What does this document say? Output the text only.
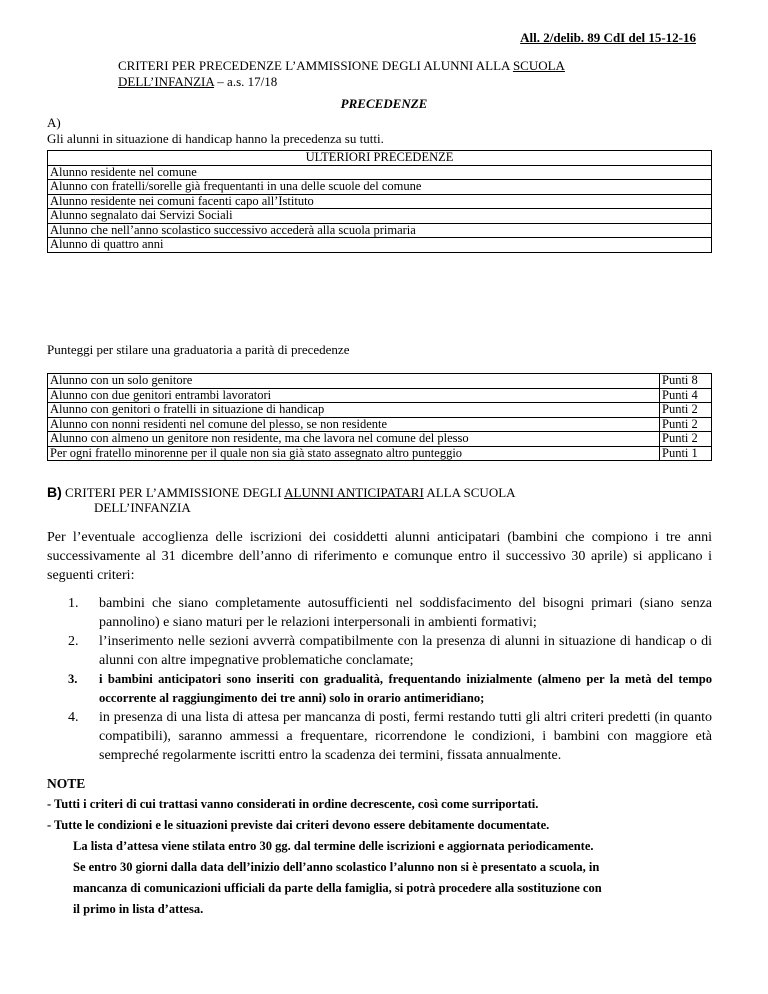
All. 2/delib. 89 CdI del 15-12-16
CRITERI PER PRECEDENZE L’AMMISSIONE DEGLI ALUNNI ALLA SCUOLA
DELL’INFANZIA – a.s. 17/18
PRECEDENZE
A)
Gli alunni in situazione di handicap hanno la precedenza su tutti.
ULTERIORI PRECEDENZE
Alunno residente nel comune
Alunno con fratelli/sorelle già frequentanti in una delle scuole del comune
Alunno residente nei comuni facenti capo all’Istituto
Alunno segnalato dai Servizi Sociali
Alunno che nell’anno scolastico successivo accederà alla scuola primaria
Alunno di quattro anni
Punteggi per stilare una graduatoria a parità di precedenze
Alunno con un solo genitore	Punti 8
Alunno con due genitori entrambi lavoratori	Punti 4
Alunno con genitori o fratelli in situazione di handicap	Punti 2
Alunno con nonni residenti nel comune del plesso, se non residente	Punti 2
Alunno con almeno un genitore non residente, ma che lavora nel comune del plesso	Punti 2
Per ogni fratello minorenne per il quale non sia già stato assegnato altro punteggio	Punti 1
B) CRITERI PER L’AMMISSIONE DEGLI ALUNNI ANTICIPATARI ALLA SCUOLA
DELL’INFANZIA
Per l’eventuale accoglienza delle iscrizioni dei cosiddetti alunni anticipatari (bambini che compiono i tre anni successivamente al 31 dicembre dell’anno di riferimento e comunque entro il successivo 30 aprile) si applicano i seguenti criteri:
1. bambini che siano completamente autosufficienti nel soddisfacimento del bisogni primari (siano senza pannolino) e siano maturi per le relazioni interpersonali in ambienti formativi;
2. l’inserimento nelle sezioni avverrà compatibilmente con la presenza di alunni in situazione di handicap o di alunni con altre impegnative problematiche conclamate;
3. i bambini anticipatori sono inseriti con gradualità, frequentando inizialmente (almeno per la metà del tempo occorrente al raggiungimento dei tre anni) solo in orario antimeridiano;
4. in presenza di una lista di attesa per mancanza di posti, fermi restando tutti gli altri criteri predetti (in quanto compatibili), saranno ammessi a frequentare, ricorrendone le condizioni, i bambini con maggiore età sempreché regolarmente iscritti entro la scadenza dei termini, fissata annualmente.
NOTE
- Tutti i criteri di cui trattasi vanno considerati in ordine decrescente, così come surriportati.
- Tutte le condizioni e le situazioni previste dai criteri devono essere debitamente documentate.
La lista d’attesa viene stilata entro 30 gg. dal termine delle iscrizioni e aggiornata periodicamente.
Se entro 30 giorni dalla data dell’inizio dell’anno scolastico l’alunno non si è presentato a scuola, in
mancanza di comunicazioni ufficiali da parte della famiglia, si potrà procedere alla sostituzione con
il primo in lista d’attesa.
